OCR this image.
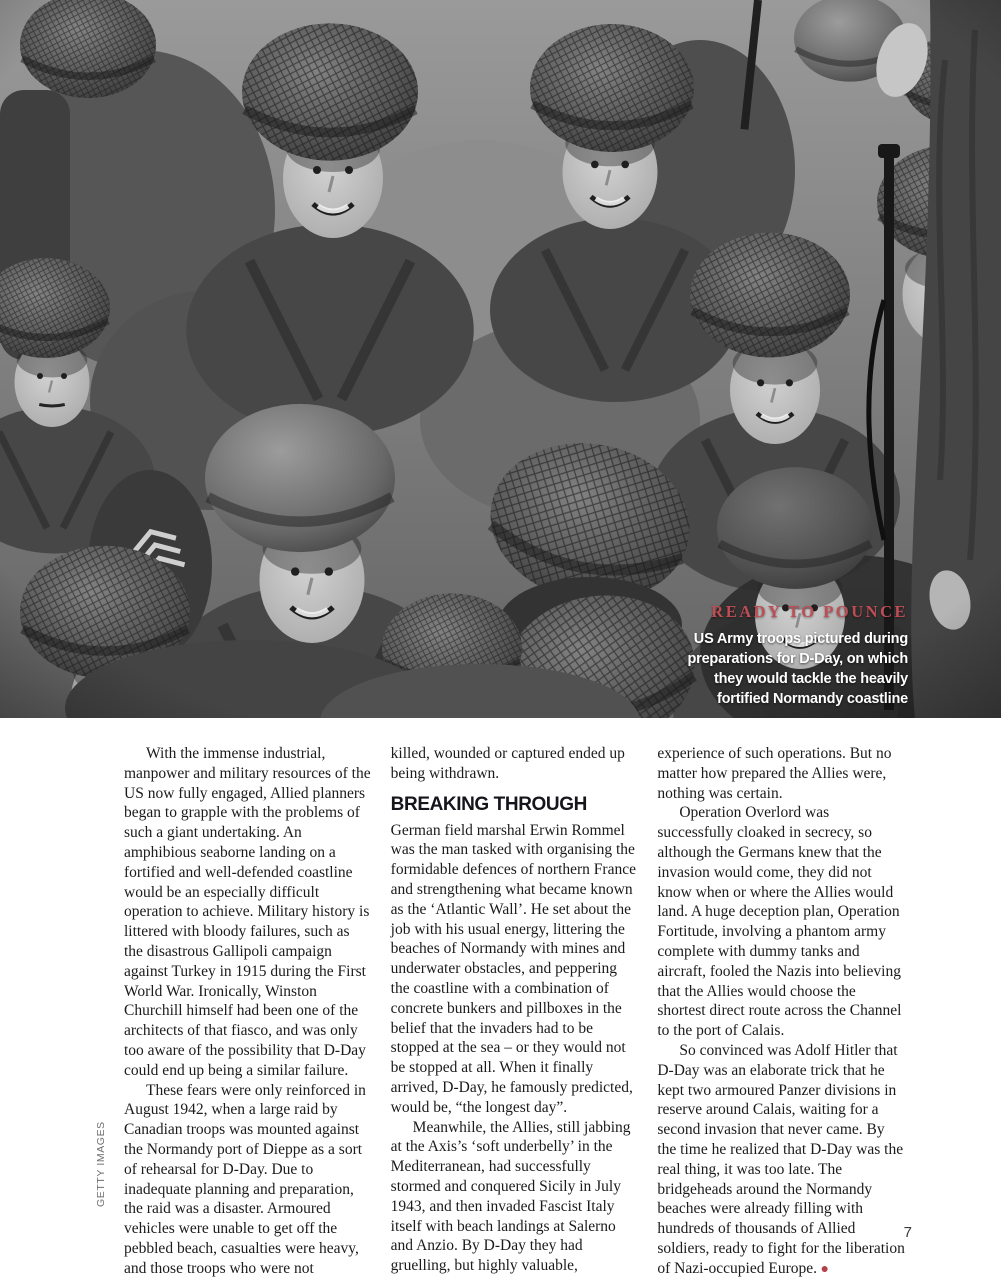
READY TO POUNCE
US Army troops pictured during
preparations for D-Day, on which
they would tackle the heavily
fortified Normandy coastline

With the immense industrial, manpower and military resources of the US now fully engaged, Allied planners began to grapple with the problems of such a giant undertaking. An amphibious seaborne landing on a fortified and well-defended coastline would be an especially difficult operation to achieve. Military history is littered with bloody failures, such as the disastrous Gallipoli campaign against Turkey in 1915 during the First World War. Ironically, Winston Churchill himself had been one of the architects of that fiasco, and was only too aware of the possibility that D-Day could end up being a similar failure.

These fears were only reinforced in August 1942, when a large raid by Canadian troops was mounted against the Normandy port of Dieppe as a sort of rehearsal for D-Day. Due to inadequate planning and preparation, the raid was a disaster. Armoured vehicles were unable to get off the pebbled beach, casualties were heavy, and those troops who were not

killed, wounded or captured ended up being withdrawn.

BREAKING THROUGH

German field marshal Erwin Rommel was the man tasked with organising the formidable defences of northern France and strengthening what became known as the ‘Atlantic Wall’. He set about the job with his usual energy, littering the beaches of Normandy with mines and underwater obstacles, and peppering the coastline with a combination of concrete bunkers and pillboxes in the belief that the invaders had to be stopped at the sea – or they would not be stopped at all. When it finally arrived, D-Day, he famously predicted, would be, “the longest day”.

Meanwhile, the Allies, still jabbing at the Axis’s ‘soft underbelly’ in the Mediterranean, had successfully stormed and conquered Sicily in July 1943, and then invaded Fascist Italy itself with beach landings at Salerno and Anzio. By D-Day they had gruelling, but highly valuable,

experience of such operations. But no matter how prepared the Allies were, nothing was certain.

Operation Overlord was successfully cloaked in secrecy, so although the Germans knew that the invasion would come, they did not know when or where the Allies would land. A huge deception plan, Operation Fortitude, involving a phantom army complete with dummy tanks and aircraft, fooled the Nazis into believing that the Allies would choose the shortest direct route across the Channel to the port of Calais.

So convinced was Adolf Hitler that D-Day was an elaborate trick that he kept two armoured Panzer divisions in reserve around Calais, waiting for a second invasion that never came. By the time he realized that D-Day was the real thing, it was too late. The bridgeheads around the Normandy beaches were already filling with hundreds of thousands of Allied soldiers, ready to fight for the liberation of Nazi-occupied Europe. ●

GETTY IMAGES
7
